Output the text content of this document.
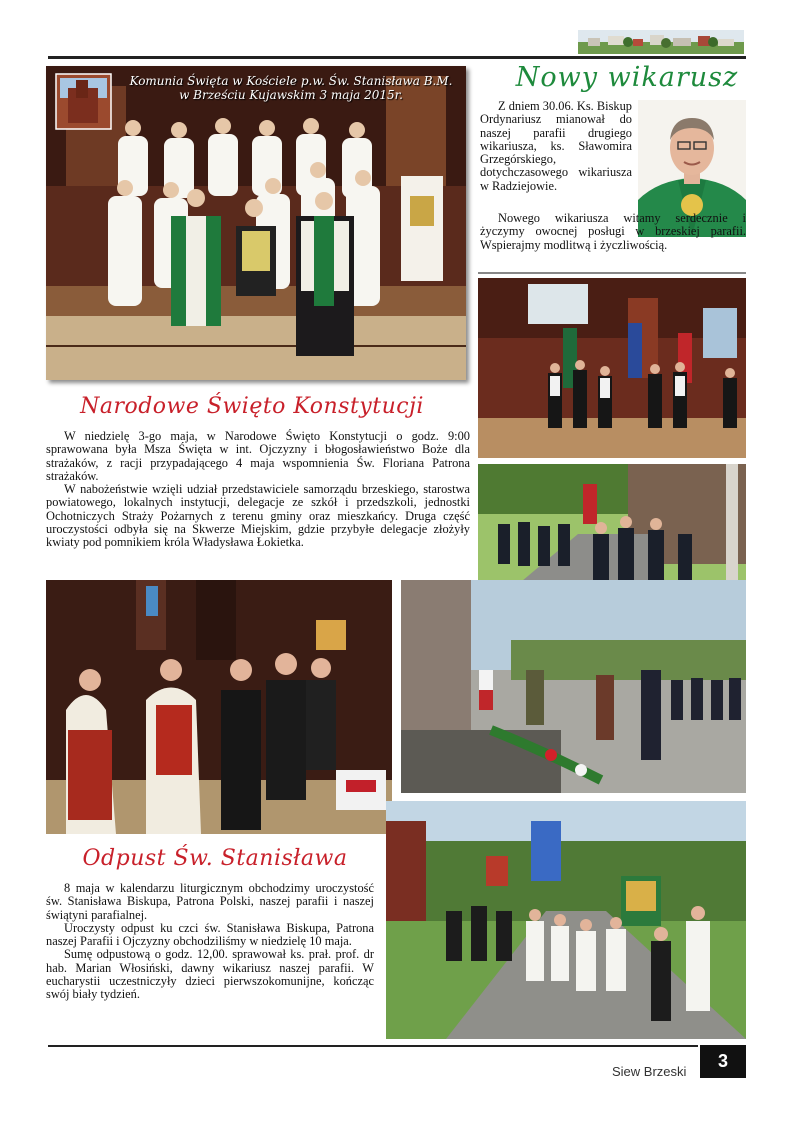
Komunia Święta w Kościele p.w. Św. Stanisława B.M.
w Brześciu Kujawskim 3 maja 2015r.
Nowy wikarusz

Z dniem 30.06. Ks. Biskup Ordynariusz mianował do naszej parafii drugiego wikariusza, ks. Sławomira Grzegórskiego, dotychczasowego wikariusza w Radziejowie.

Nowego wikariusza witamy serdecznie i życzymy owocnej posługi w brzeskiej parafii. Wspierajmy modlitwą i życzliwością.

Narodowe Święto Konstytucji

W niedzielę 3-go maja, w Narodowe Święto Konstytucji o godz. 9:00 sprawowana była Msza Święta w int. Ojczyzny i błogosławieństwo Boże dla strażaków, z racji przypadającego 4 maja wspomnienia Św. Floriana Patrona strażaków.

W nabożeństwie wzięli udział przedstawiciele samorządu brzeskiego, starostwa powiatowego, lokalnych instytucji, delegacje ze szkół i przedszkoli, jednostki Ochotniczych Straży Pożarnych z terenu gminy oraz mieszkańcy. Druga część uroczystości odbyła się na Skwerze Miejskim, gdzie przybyłe delegacje złożyły kwiaty pod pomnikiem króla Władysława Łokietka.

Odpust Św. Stanisława

8 maja w kalendarzu liturgicznym obchodzimy uroczystość św. Stanisława Biskupa, Patrona Polski, naszej parafii i naszej świątyni parafialnej.

Uroczysty odpust ku czci św. Stanisława Biskupa, Patrona naszej Parafii i Ojczyzny obchodziliśmy w niedzielę 10 maja.

Sumę odpustową o godz. 12,00. sprawował ks. prał. prof. dr hab. Marian Włosiński, dawny wikariusz naszej parafii. W eucharystii uczestniczyły dzieci pierwszokomunijne, kończąc swój biały tydzień.

Siew Brzeski
3
